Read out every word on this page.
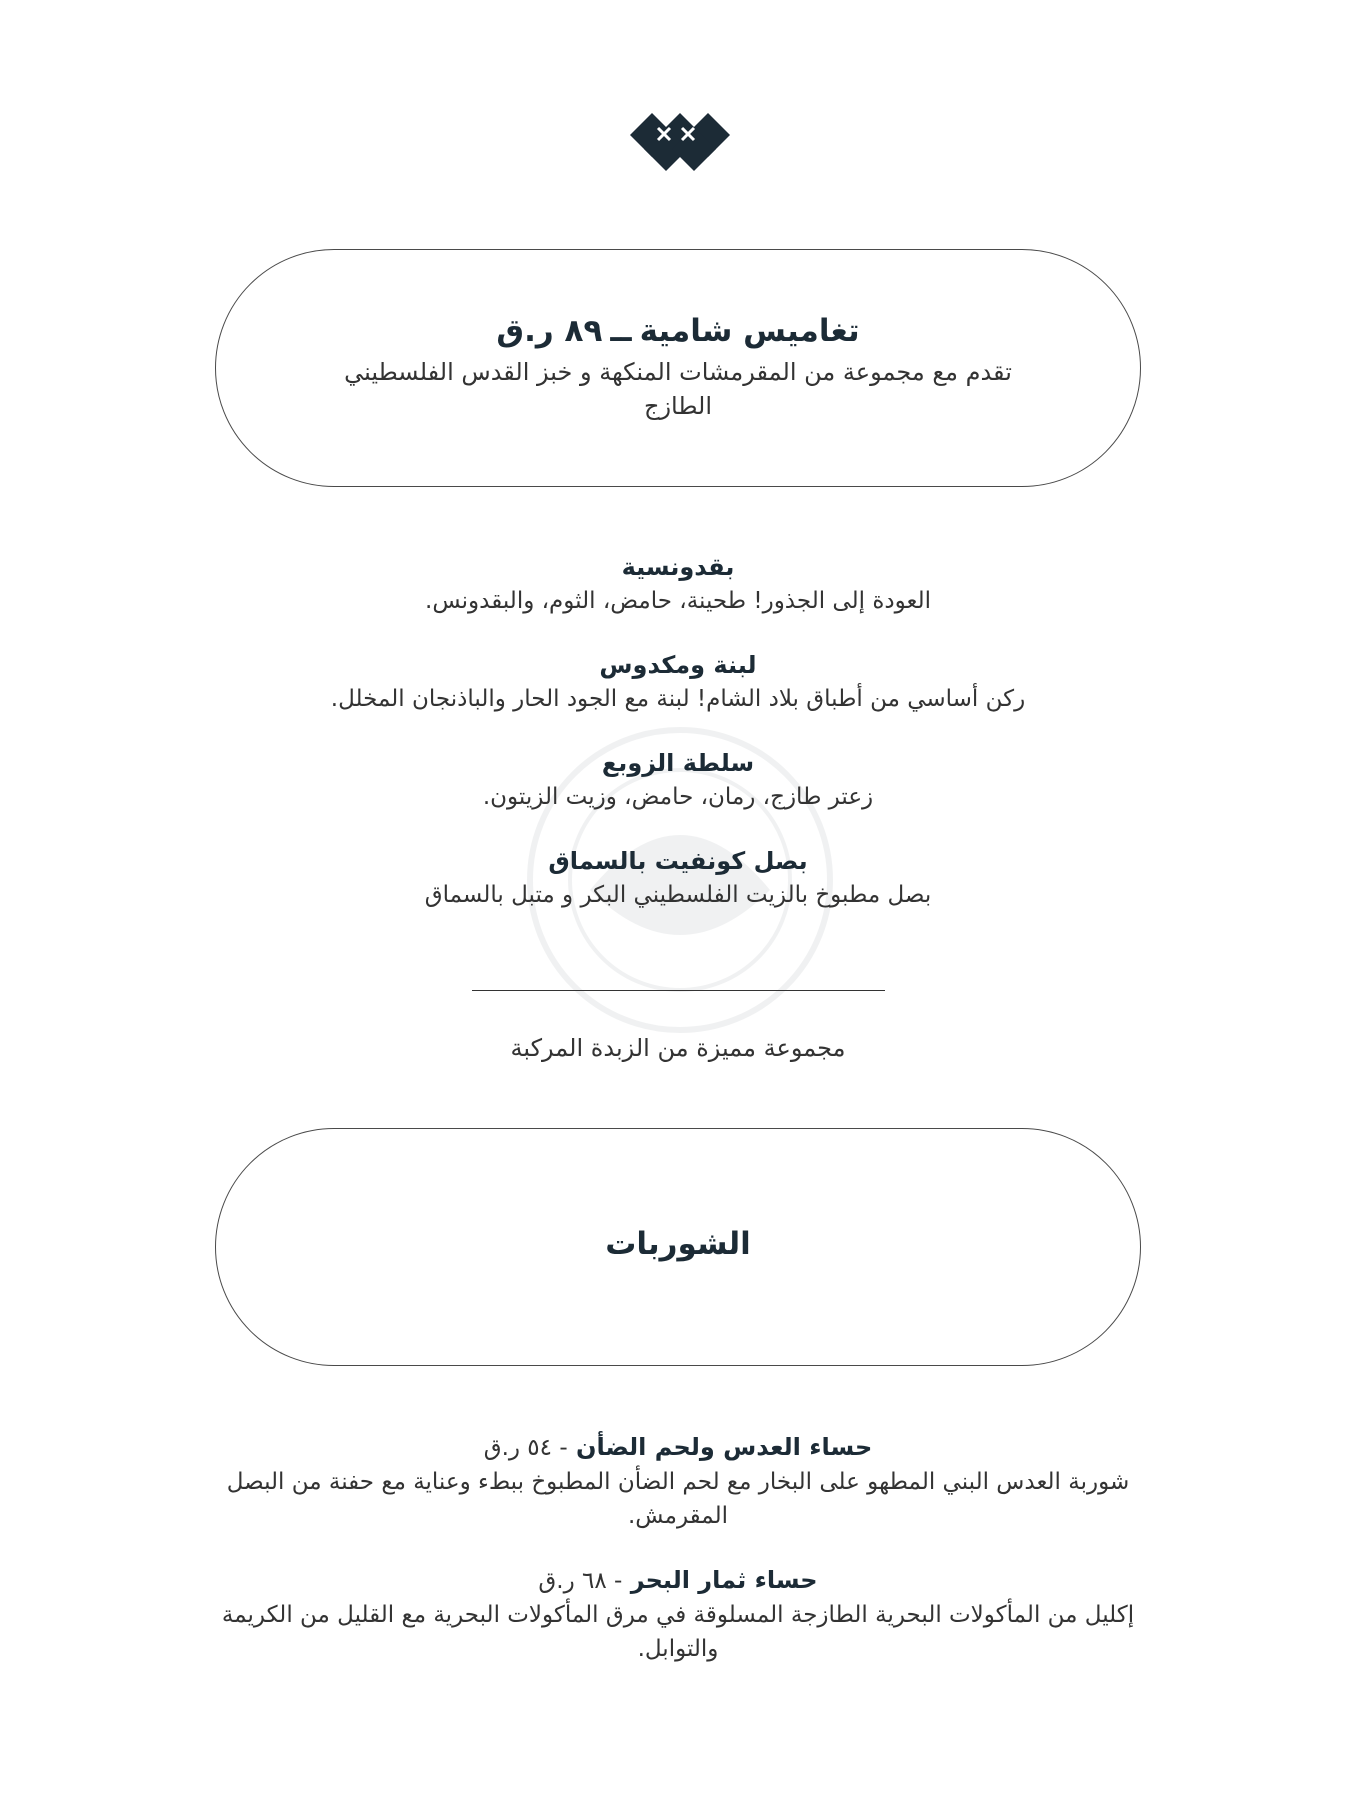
تغاميس شاميةــ٨٩ ر.ق
تقدم مع مجموعة من المقرمشات المنكهة و خبز القدس الفلسطيني الطازج
بقدونسية
العودة إلى الجذور! طحينة، حامض، الثوم، والبقدونس.
لبنة ومكدوس
ركن أساسي من أطباق بلاد الشام! لبنة مع الجود الحار والباذنجان المخلل.
سلطة الزوبع
زعتر طازج، رمان، حامض، وزيت الزيتون.
بصل كونفيت بالسماق
بصل مطبوخ بالزيت الفلسطيني البكر و متبل بالسماق
مجموعة مميزة من الزبدة المركبة
الشوربات
حساء العدس ولحم الضأن - ٥٤ ر.ق
شوربة العدس البني المطهو على البخار مع لحم الضأن المطبوخ ببطء وعناية مع حفنة من البصل المقرمش.
حساء ثمار البحر - ٦٨ ر.ق
إكليل من المأكولات البحرية الطازجة المسلوقة في مرق المأكولات البحرية مع القليل من الكريمة والتوابل.
